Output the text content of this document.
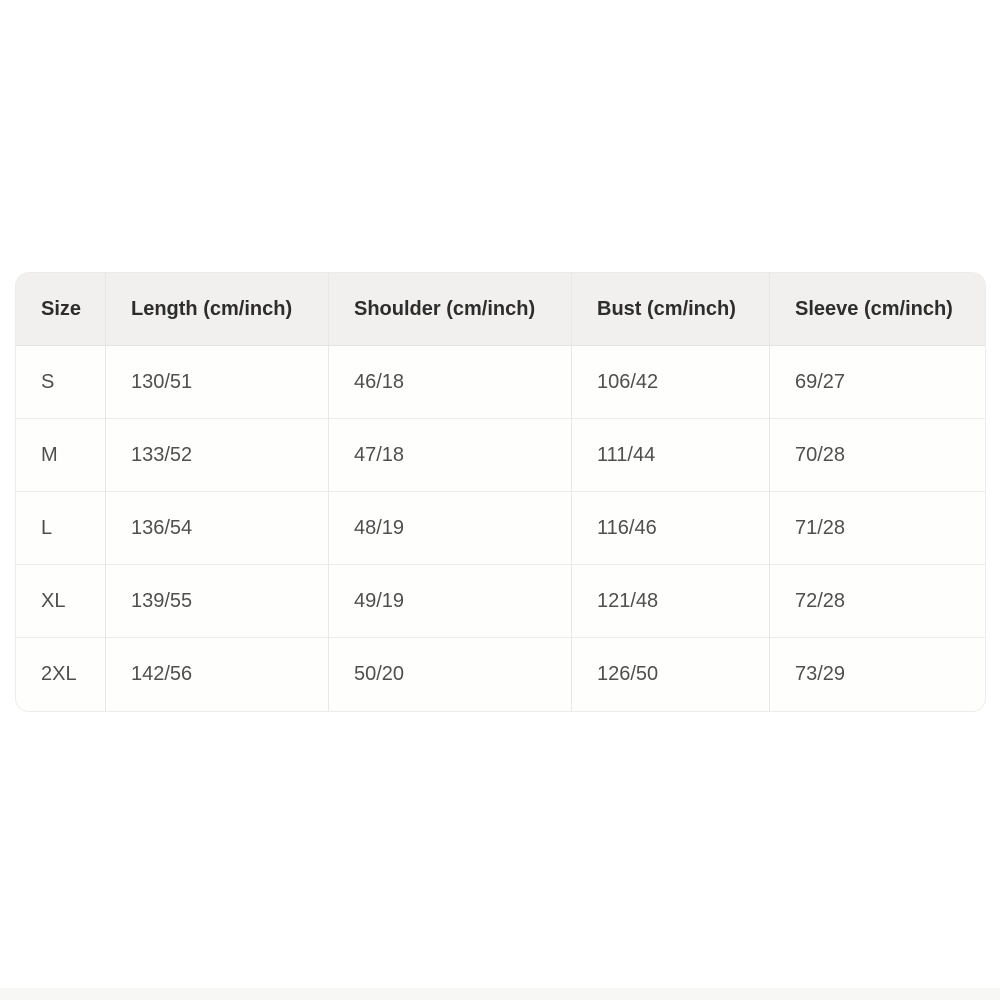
Size	Length (cm/inch)	Shoulder (cm/inch)	Bust (cm/inch)	Sleeve (cm/inch)
S	130/51	46/18	106/42	69/27
M	133/52	47/18	111/44	70/28
L	136/54	48/19	116/46	71/28
XL	139/55	49/19	121/48	72/28
2XL	142/56	50/20	126/50	73/29
